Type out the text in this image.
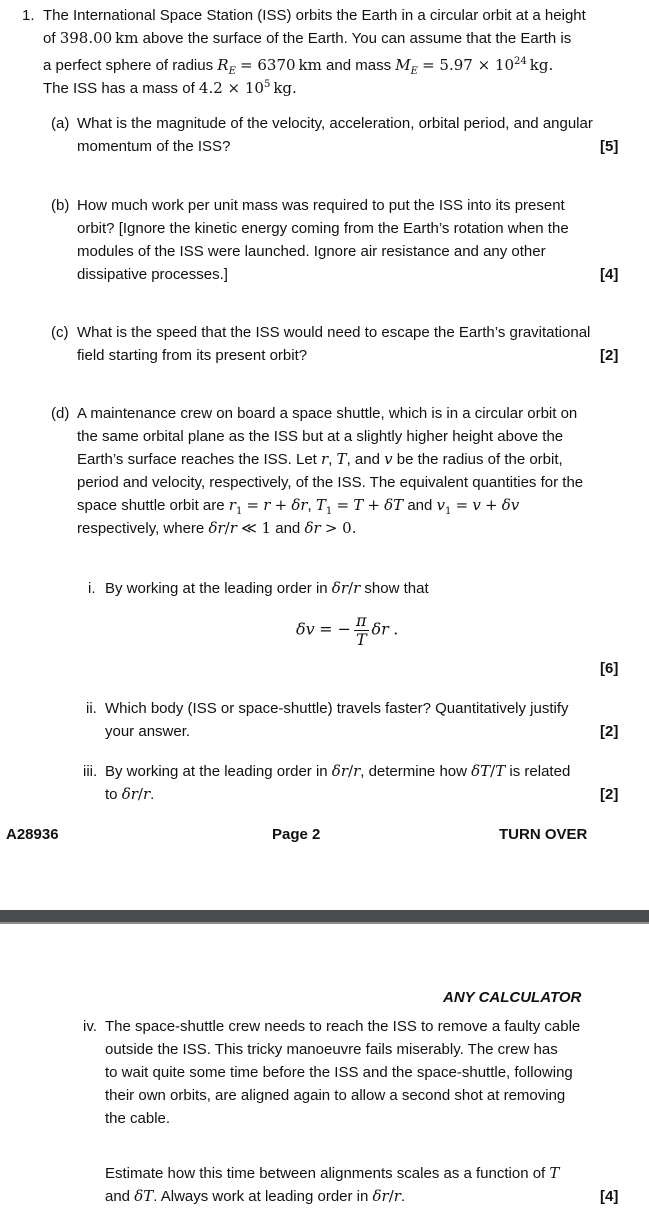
1. The International Space Station (ISS) orbits the Earth in a circular orbit at a height
of 398.00 km above the surface of the Earth. You can assume that the Earth is
a perfect sphere of radius $R_E = 6370$ km and mass $M_E = 5.97 \times 10^{24}$ kg.
The ISS has a mass of $4.2 \times 10^5$ kg.
(a) What is the magnitude of the velocity, acceleration, orbital period, and angular
momentum of the ISS?	[5]
(b) How much work per unit mass was required to put the ISS into its present
orbit? [Ignore the kinetic energy coming from the Earth’s rotation when the
modules of the ISS were launched. Ignore air resistance and any other
dissipative processes.]	[4]
(c) What is the speed that the ISS would need to escape the Earth’s gravitational
field starting from its present orbit?	[2]
(d) A maintenance crew on board a space shuttle, which is in a circular orbit on
the same orbital plane as the ISS but at a slightly higher height above the
Earth’s surface reaches the ISS. Let r, T, and v be the radius of the orbit,
period and velocity, respectively, of the ISS. The equivalent quantities for the
space shuttle orbit are $r_1 = r + \delta r$, $T_1 = T + \delta T$ and $v_1 = v + \delta v$
respectively, where δr/r ≪ 1 and δr > 0.
i. By working at the leading order in δr/r show that
δv = − $\frac{\pi}{T}$ δr .
[6]
ii. Which body (ISS or space-shuttle) travels faster? Quantitatively justify
your answer.	[2]
iii. By working at the leading order in δr/r, determine how δT/T is related
to δr/r.	[2]
A28936	Page 2	TURN OVER
ANY CALCULATOR
iv. The space-shuttle crew needs to reach the ISS to remove a faulty cable
outside the ISS. This tricky manoeuvre fails miserably. The crew has
to wait quite some time before the ISS and the space-shuttle, following
their own orbits, are aligned again to allow a second shot at removing
the cable.
Estimate how this time between alignments scales as a function of T
and δT. Always work at leading order in δr/r.	[4]
